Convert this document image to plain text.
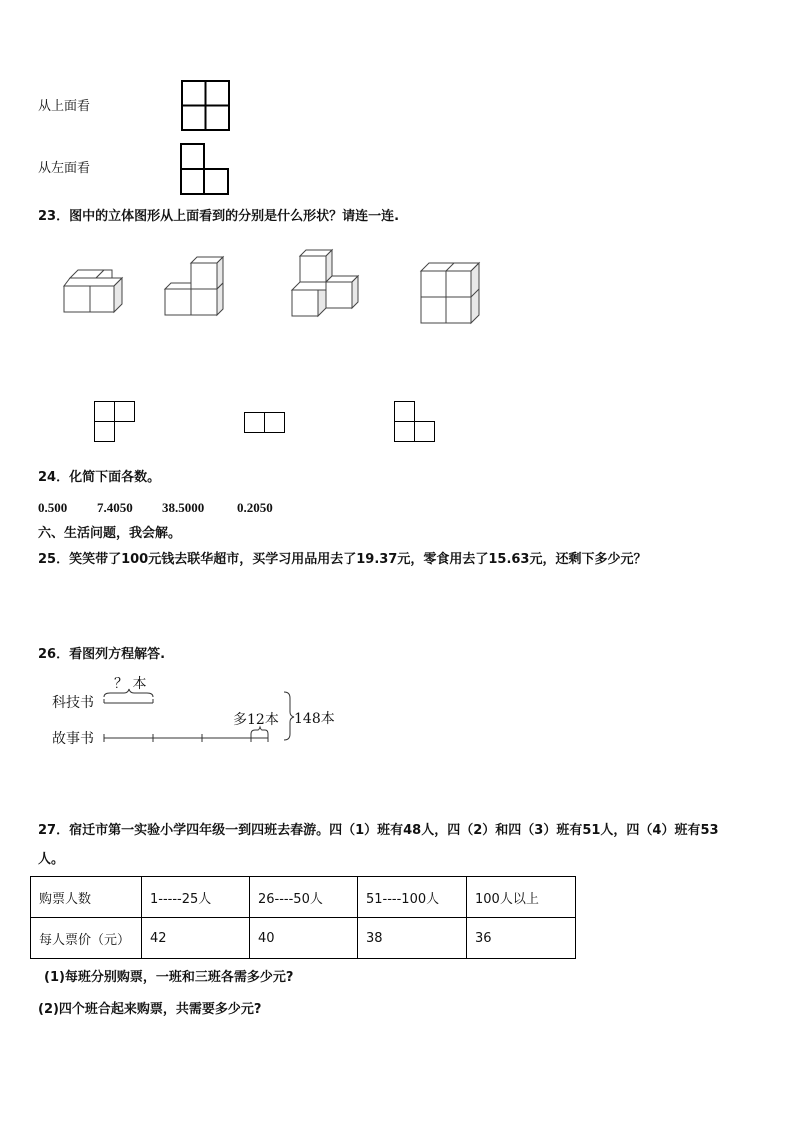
从上面看
从左面看
23．图中的立体图形从上面看到的分别是什么形状？请连一连.
24．化简下面各数。
0.500 7.4050 38.5000	0.2050
六、生活问题，我会解。
25．笑笑带了100元钱去联华超市，买学习用品用去了19.37元，零食用去了15.63元，还剩下多少元？
26．看图列方程解答.
科技书
故事书
？ 本
多12本 148本
27．宿迁市第一实验小学四年级一到四班去春游。四（1）班有48人，四（2）和四（3）班有51人，四（4）班有53
人。
购票人数	1-----25人	26----50人	51----100人	100人以上
每人票价（元）	42	40	38	36
(1)每班分别购票，一班和三班各需多少元?
(2)四个班合起来购票，共需要多少元?
